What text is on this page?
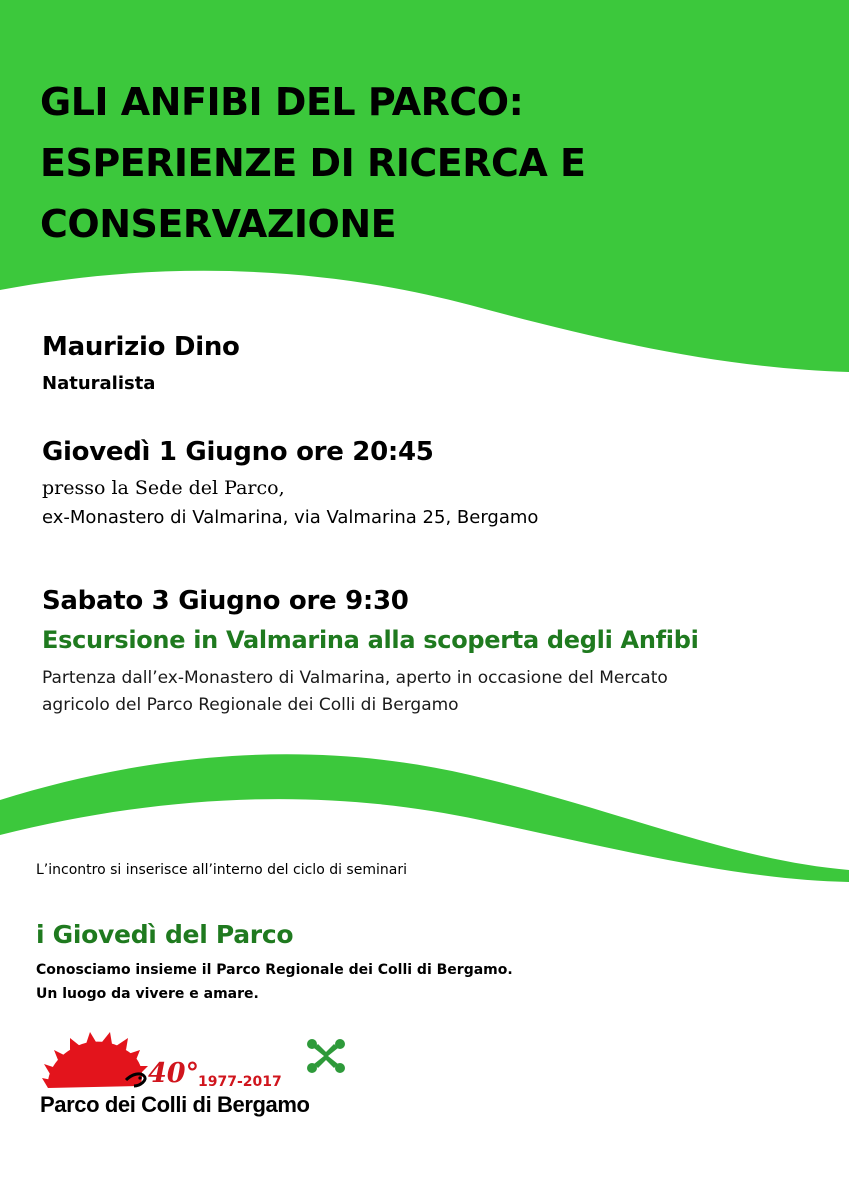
GLI ANFIBI DEL PARCO:
ESPERIENZE DI RICERCA E
CONSERVAZIONE
Maurizio Dino
Naturalista
Giovedì 1 Giugno ore 20:45
presso la Sede del Parco,
ex-Monastero di Valmarina, via Valmarina 25, Bergamo
Sabato 3 Giugno ore 9:30
Escursione in Valmarina alla scoperta degli Anfibi
Partenza dall’ex-Monastero di Valmarina, aperto in occasione del Mercato
agricolo del Parco Regionale dei Colli di Bergamo
L’incontro si inserisce all’interno del ciclo di seminari
i Giovedì del Parco
Conosciamo insieme il Parco Regionale dei Colli di Bergamo.
Un luogo da vivere e amare.
40°
1977-2017
Parco dei Colli di Bergamo
